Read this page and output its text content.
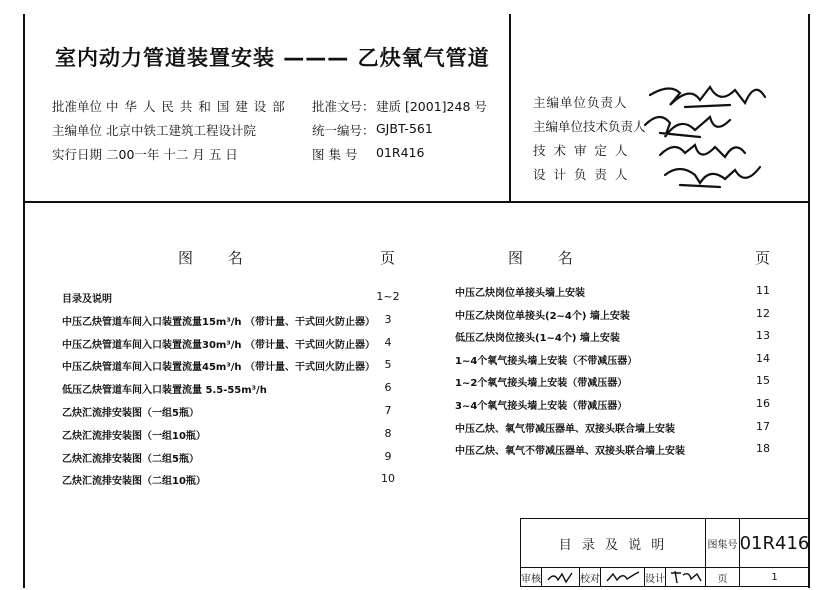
室内动力管道装置安装 ——— 乙炔氧气管道
批准单位 中 华 人 民 共 和 国 建 设 部
主编单位 北京中铁工建筑工程设计院
实行日期 二00一年 十二 月 五 日
批准文号： 建质 [2001]248 号
统一编号： GJBT-561
图 集 号 01R416
主编单位负责人
主编单位技术负责人
技 术 审 定 人
设 计 负 责 人
图 名	页	图 名	页
目录及说明	1~2
中压乙炔管道车间入口装置流量15m³/h （带计量、干式回火防止器） 3
中压乙炔管道车间入口装置流量30m³/h （带计量、干式回火防止器） 4
中压乙炔管道车间入口装置流量45m³/h （带计量、干式回火防止器） 5
低压乙炔管道车间入口装置流量 5.5-55m³/h	6
乙炔汇流排安装图（一组5瓶）	7
乙炔汇流排安装图（一组10瓶）	8
乙炔汇流排安装图（二组5瓶）	9
乙炔汇流排安装图（二组10瓶）	10
中压乙炔岗位单接头墙上安装	11
中压乙炔岗位单接头(2~4个) 墙上安装	12
低压乙炔岗位接头(1~4个) 墙上安装	13
1~4个氧气接头墙上安装（不带减压器）	14
1~2个氧气接头墙上安装（带减压器）	15
3~4个氧气接头墙上安装（带减压器）	16
中压乙炔、氧气带减压器单、双接头联合墙上安装	17
中压乙炔、氧气不带减压器单、双接头联合墙上安装	18
目 录 及 说 明	图集号 01R416
审核	校对	设计	页	1
